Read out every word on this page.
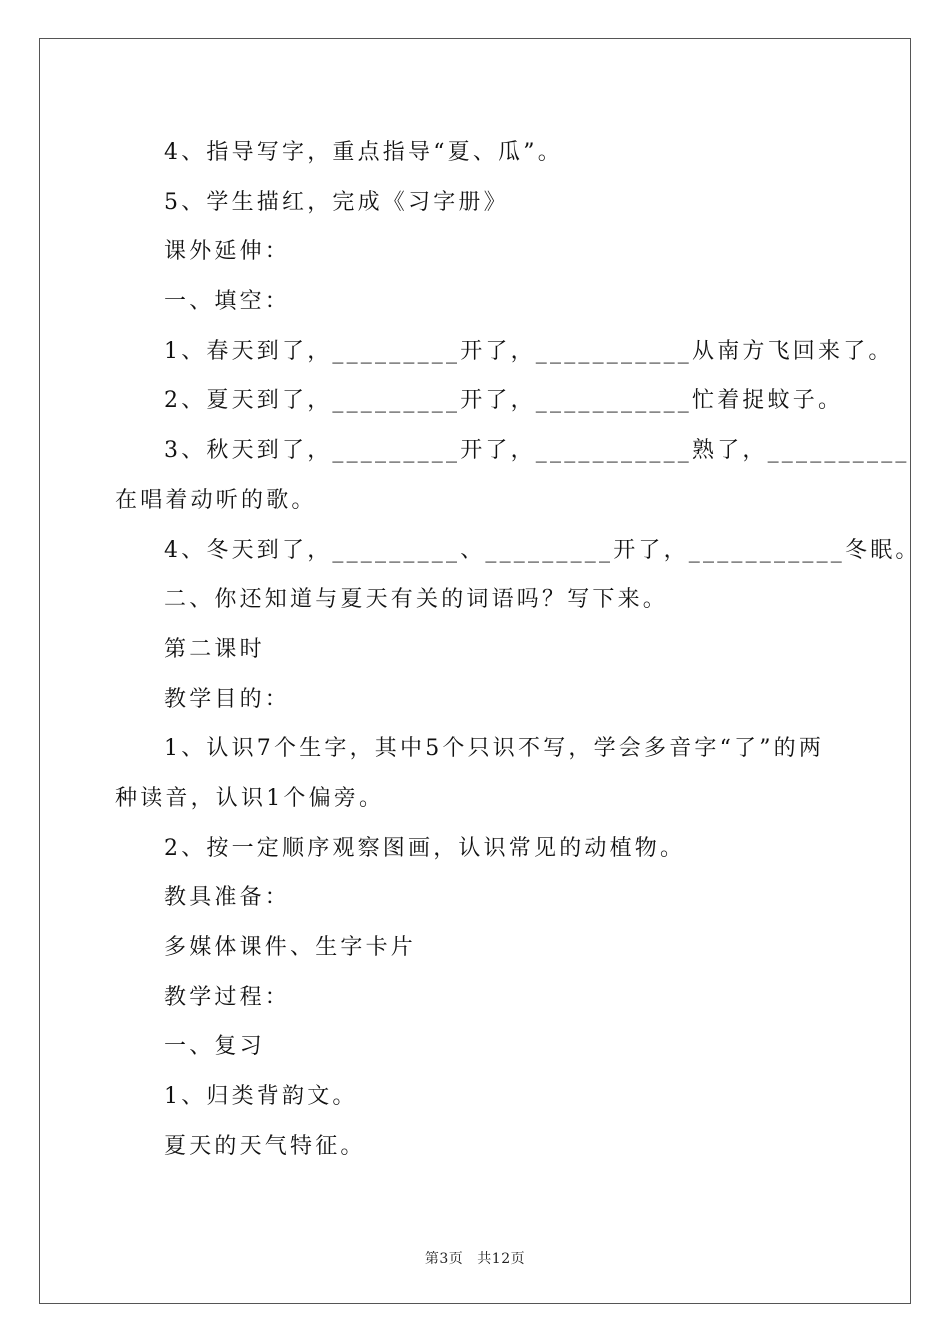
4、指导写字，重点指导“夏、瓜”。
5、学生描红，完成《习字册》
课外延伸：
一、填空：
1、春天到了，_________开了，___________从南方飞回来了。
2、夏天到了，_________开了，___________忙着捉蚊子。
3、秋天到了，_________开了，___________熟了，__________
在唱着动听的歌。
4、冬天到了，_________、_________开了，___________冬眠。
二、你还知道与夏天有关的词语吗？写下来。
第二课时
教学目的：
1、认识7个生字，其中5个只识不写，学会多音字“了”的两
种读音，认识1个偏旁。
2、按一定顺序观察图画，认识常见的动植物。
教具准备：
多媒体课件、生字卡片
教学过程：
一、复习
1、归类背韵文。
夏天的天气特征。
第3页 共12页
